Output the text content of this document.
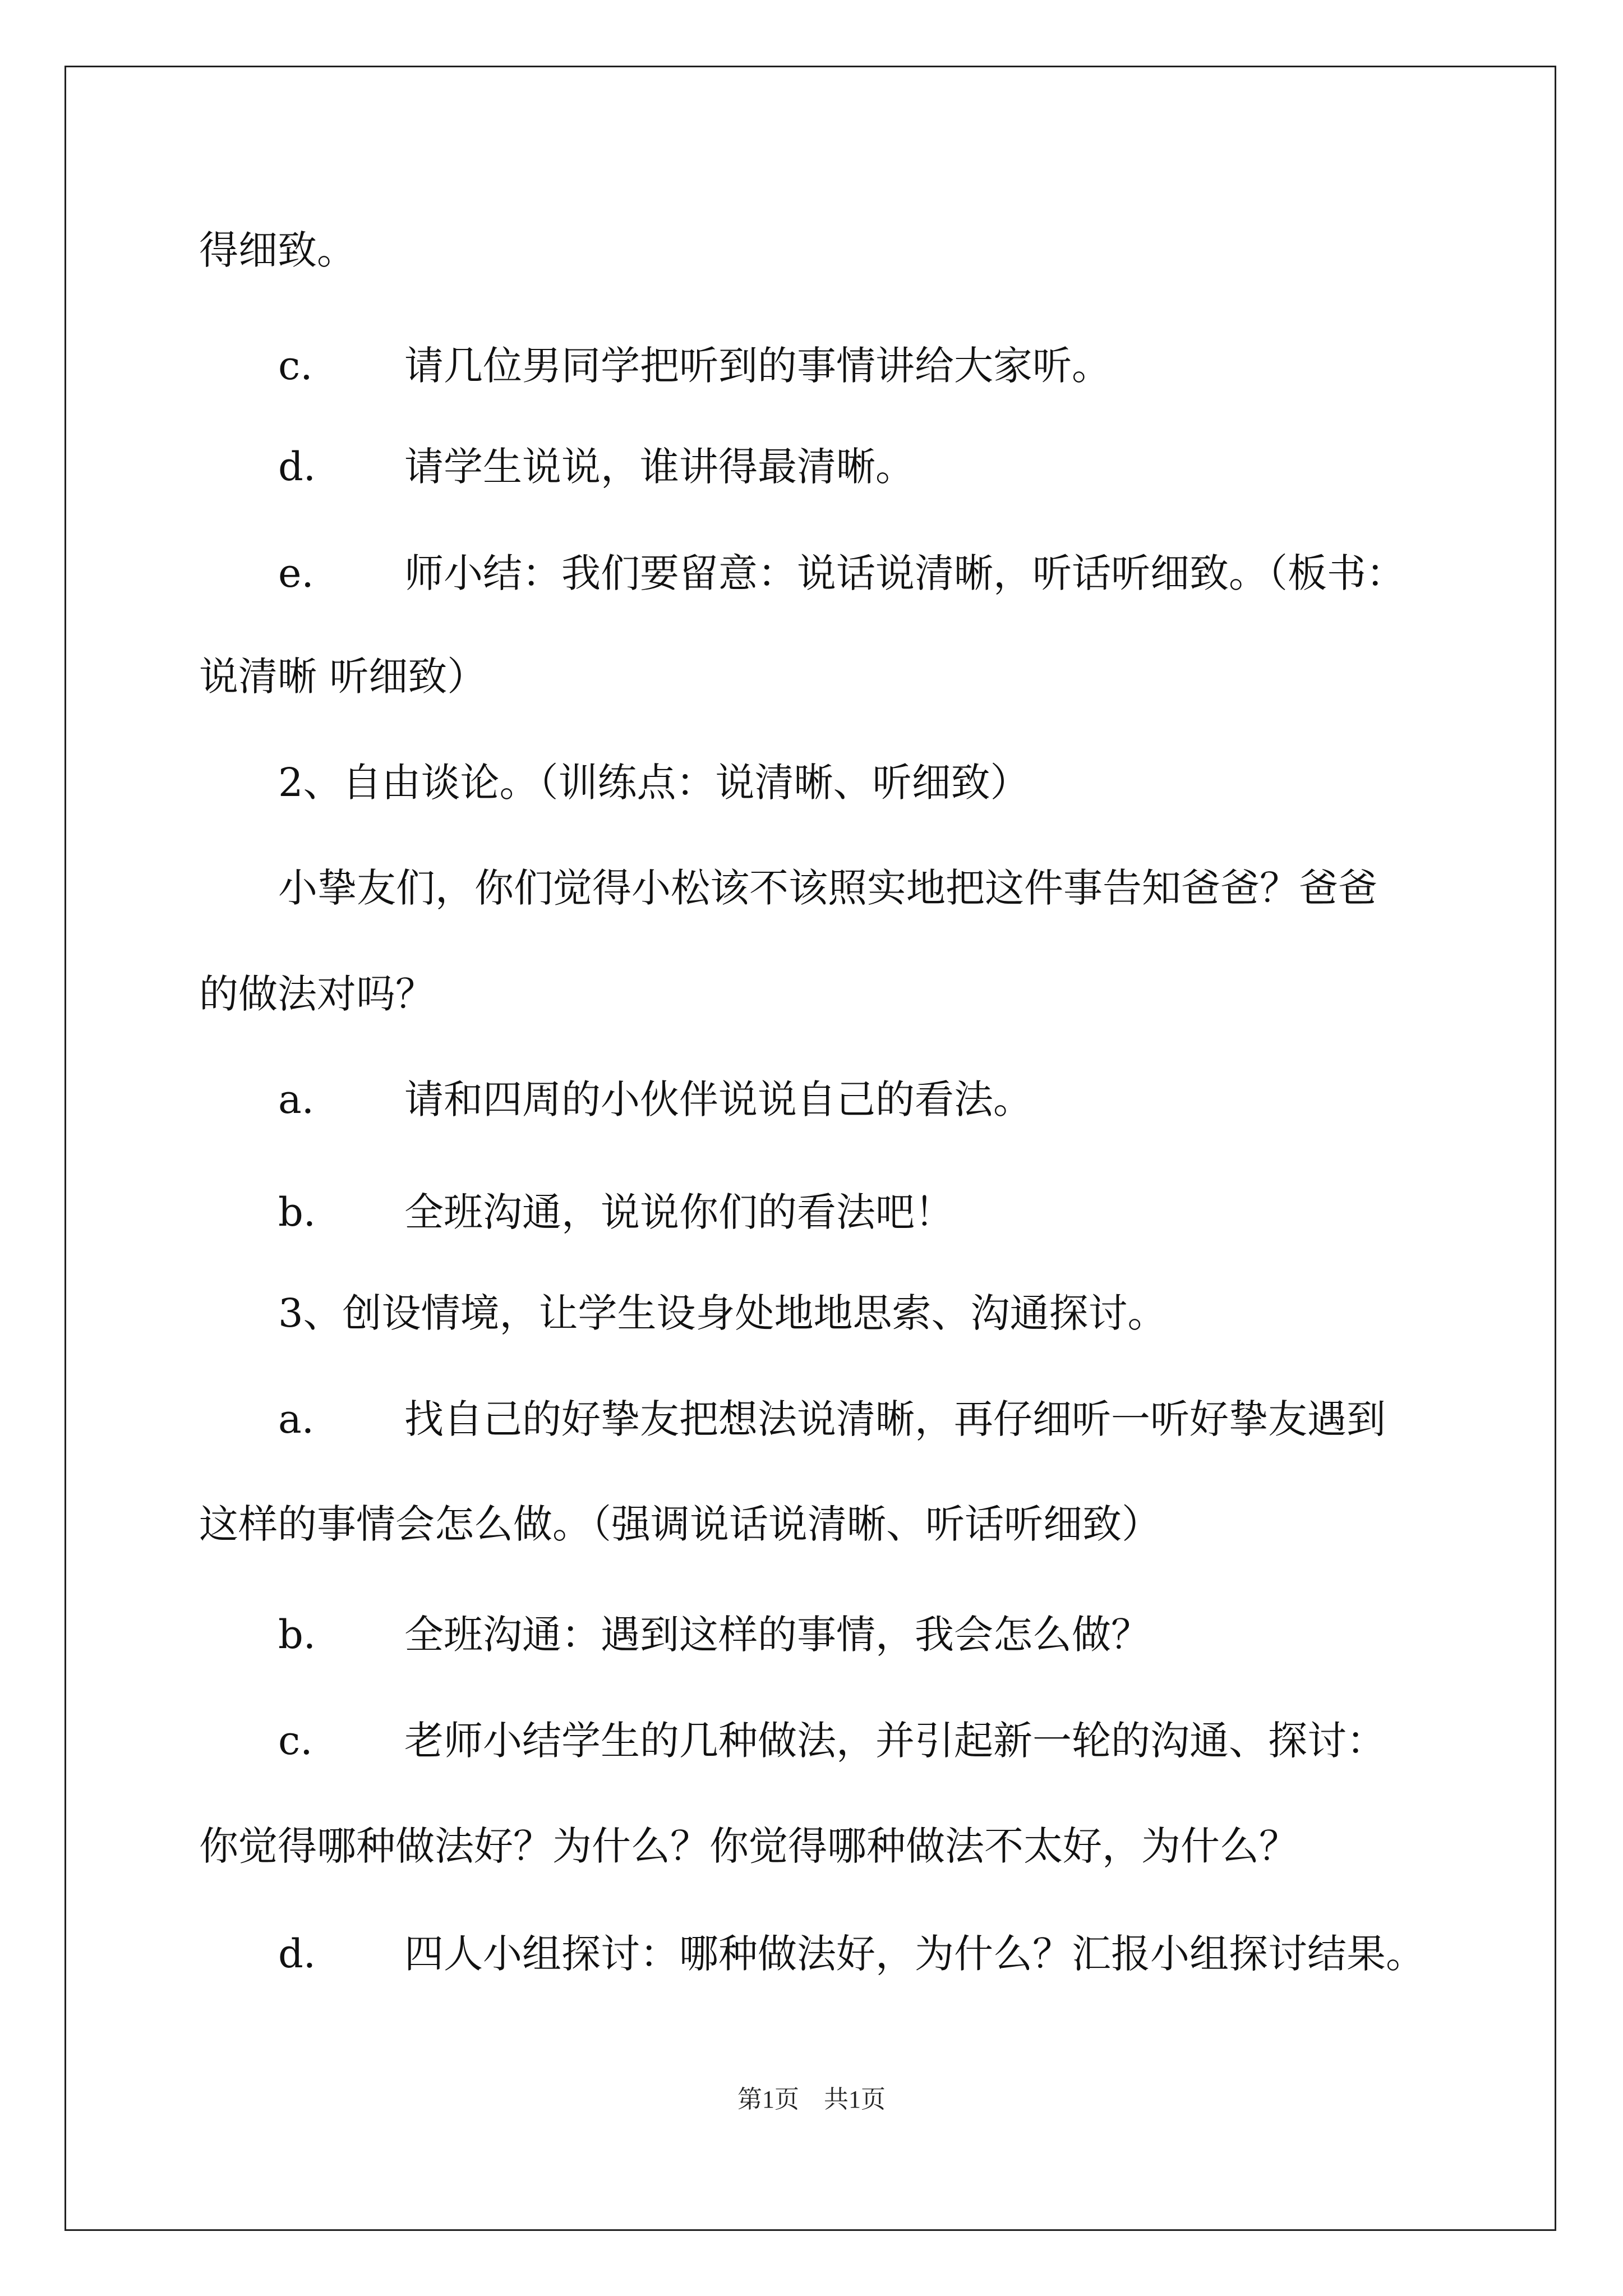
得细致。
c.	请几位男同学把听到的事情讲给大家听。
d.	请学生说说，谁讲得最清晰。
e.	师小结：我们要留意：说话说清晰，听话听细致。（板书：
说清晰 听细致）
2、自由谈论。（训练点：说清晰、听细致）
小挚友们，你们觉得小松该不该照实地把这件事告知爸爸？爸爸
的做法对吗？
a.	请和四周的小伙伴说说自己的看法。
b.	全班沟通，说说你们的看法吧！
3、创设情境，让学生设身处地地思索、沟通探讨。
a.	找自己的好挚友把想法说清晰，再仔细听一听好挚友遇到
这样的事情会怎么做。（强调说话说清晰、听话听细致）
b.	全班沟通：遇到这样的事情，我会怎么做？
c.	老师小结学生的几种做法，并引起新一轮的沟通、探讨：
你觉得哪种做法好？为什么？你觉得哪种做法不太好，为什么？
d.	四人小组探讨：哪种做法好，为什么？汇报小组探讨结果。
第1页　共1页
